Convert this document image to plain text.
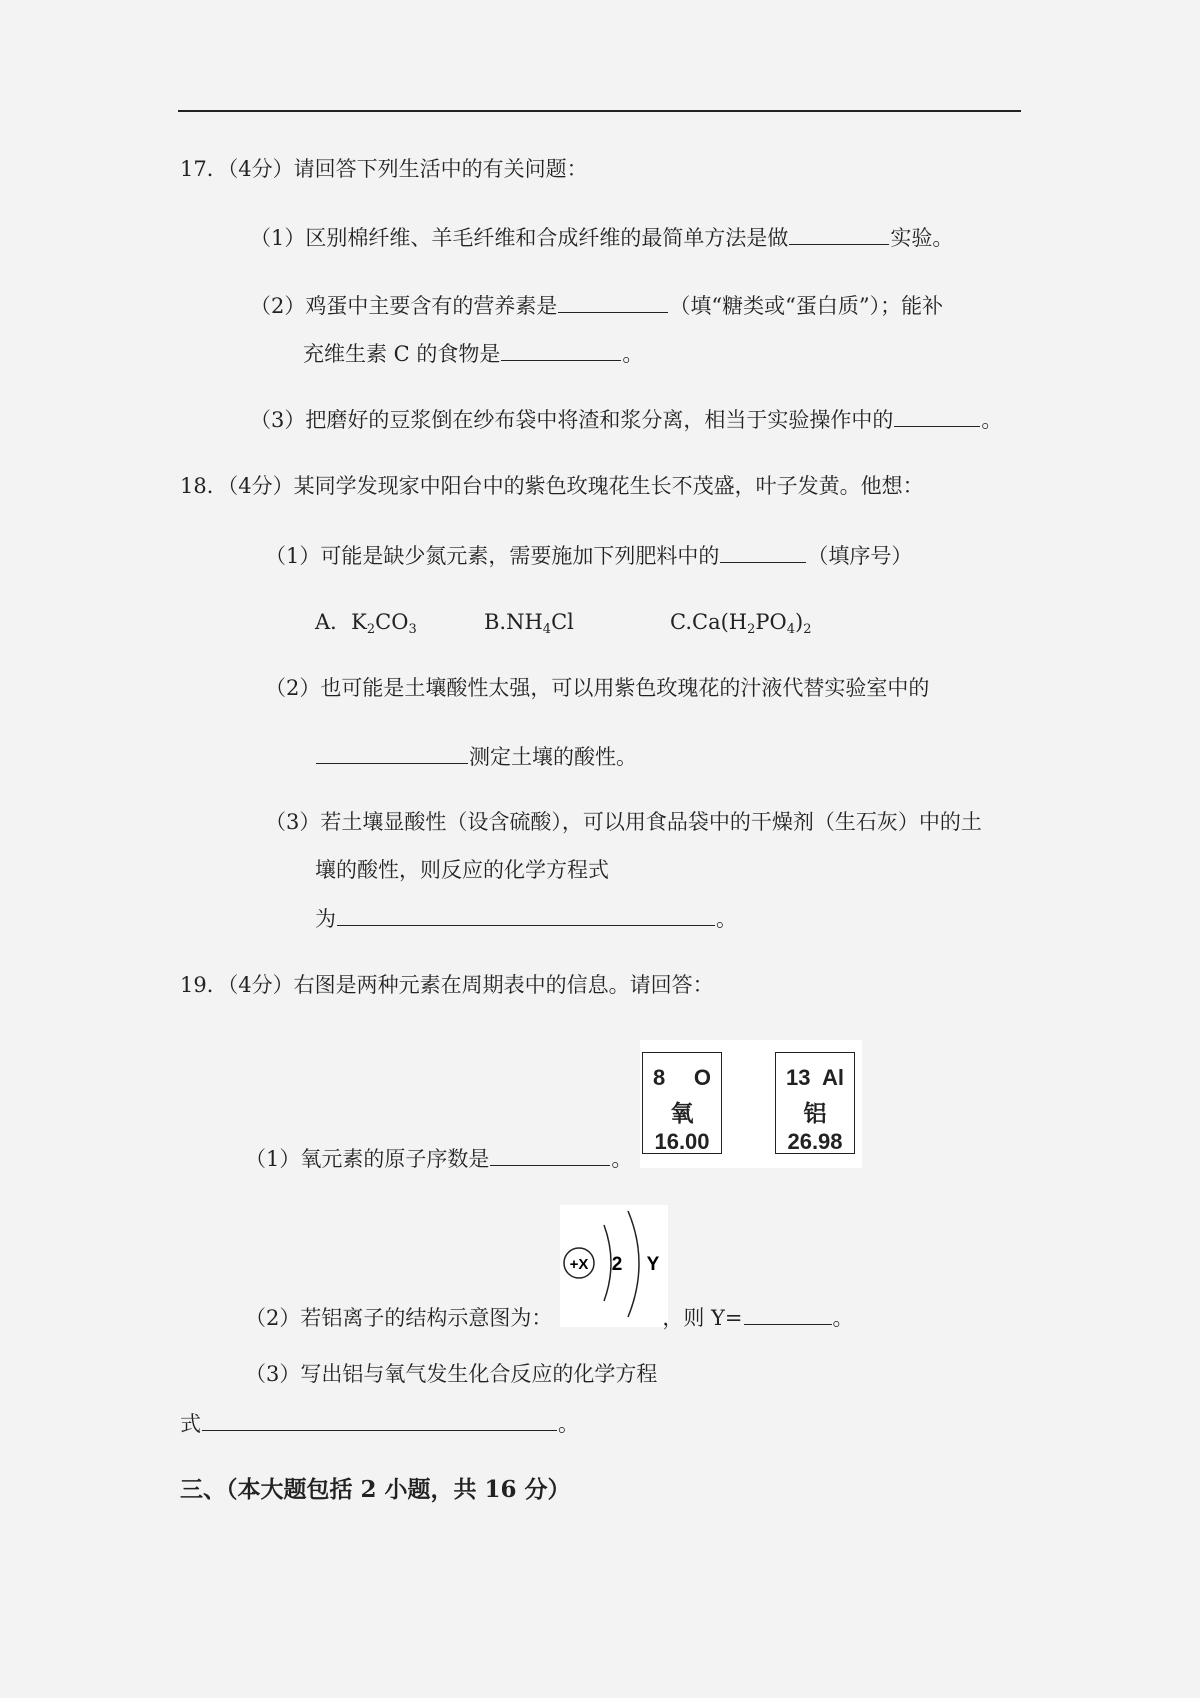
17．（4分）请回答下列生活中的有关问题：
（1）区别棉纤维、羊毛纤维和合成纤维的最简单方法是做	实验。
（2）鸡蛋中主要含有的营养素是	（填“糖类或“蛋白质”）；能补
充维生素 C 的食物是	。
（3）把磨好的豆浆倒在纱布袋中将渣和浆分离，相当于实验操作中的	。
18．（4分）某同学发现家中阳台中的紫色玫瑰花生长不茂盛，叶子发黄。他想：
（1）可能是缺少氮元素，需要施加下列肥料中的	（填序号）
A．$K_2CO_3$	$B.NH_4Cl$	$C.Ca(H_2PO_4)_2$
（2）也可能是土壤酸性太强，可以用紫色玫瑰花的汁液代替实验室中的
测定土壤的酸性。
（3）若土壤显酸性（设含硫酸），可以用食品袋中的干燥剂（生石灰）中的土
壤的酸性，则反应的化学方程式
为	。
19．（4分）右图是两种元素在周期表中的信息。请回答：
8 O
氧
16.00
13 Al
铝
26.98
（1）氧元素的原子序数是	。
+X 2 Y
（2）若铝离子的结构示意图为：	，则 Y=	。
（3）写出铝与氧气发生化合反应的化学方程
式	。
三、（本大题包括 2 小题，共 16 分）
